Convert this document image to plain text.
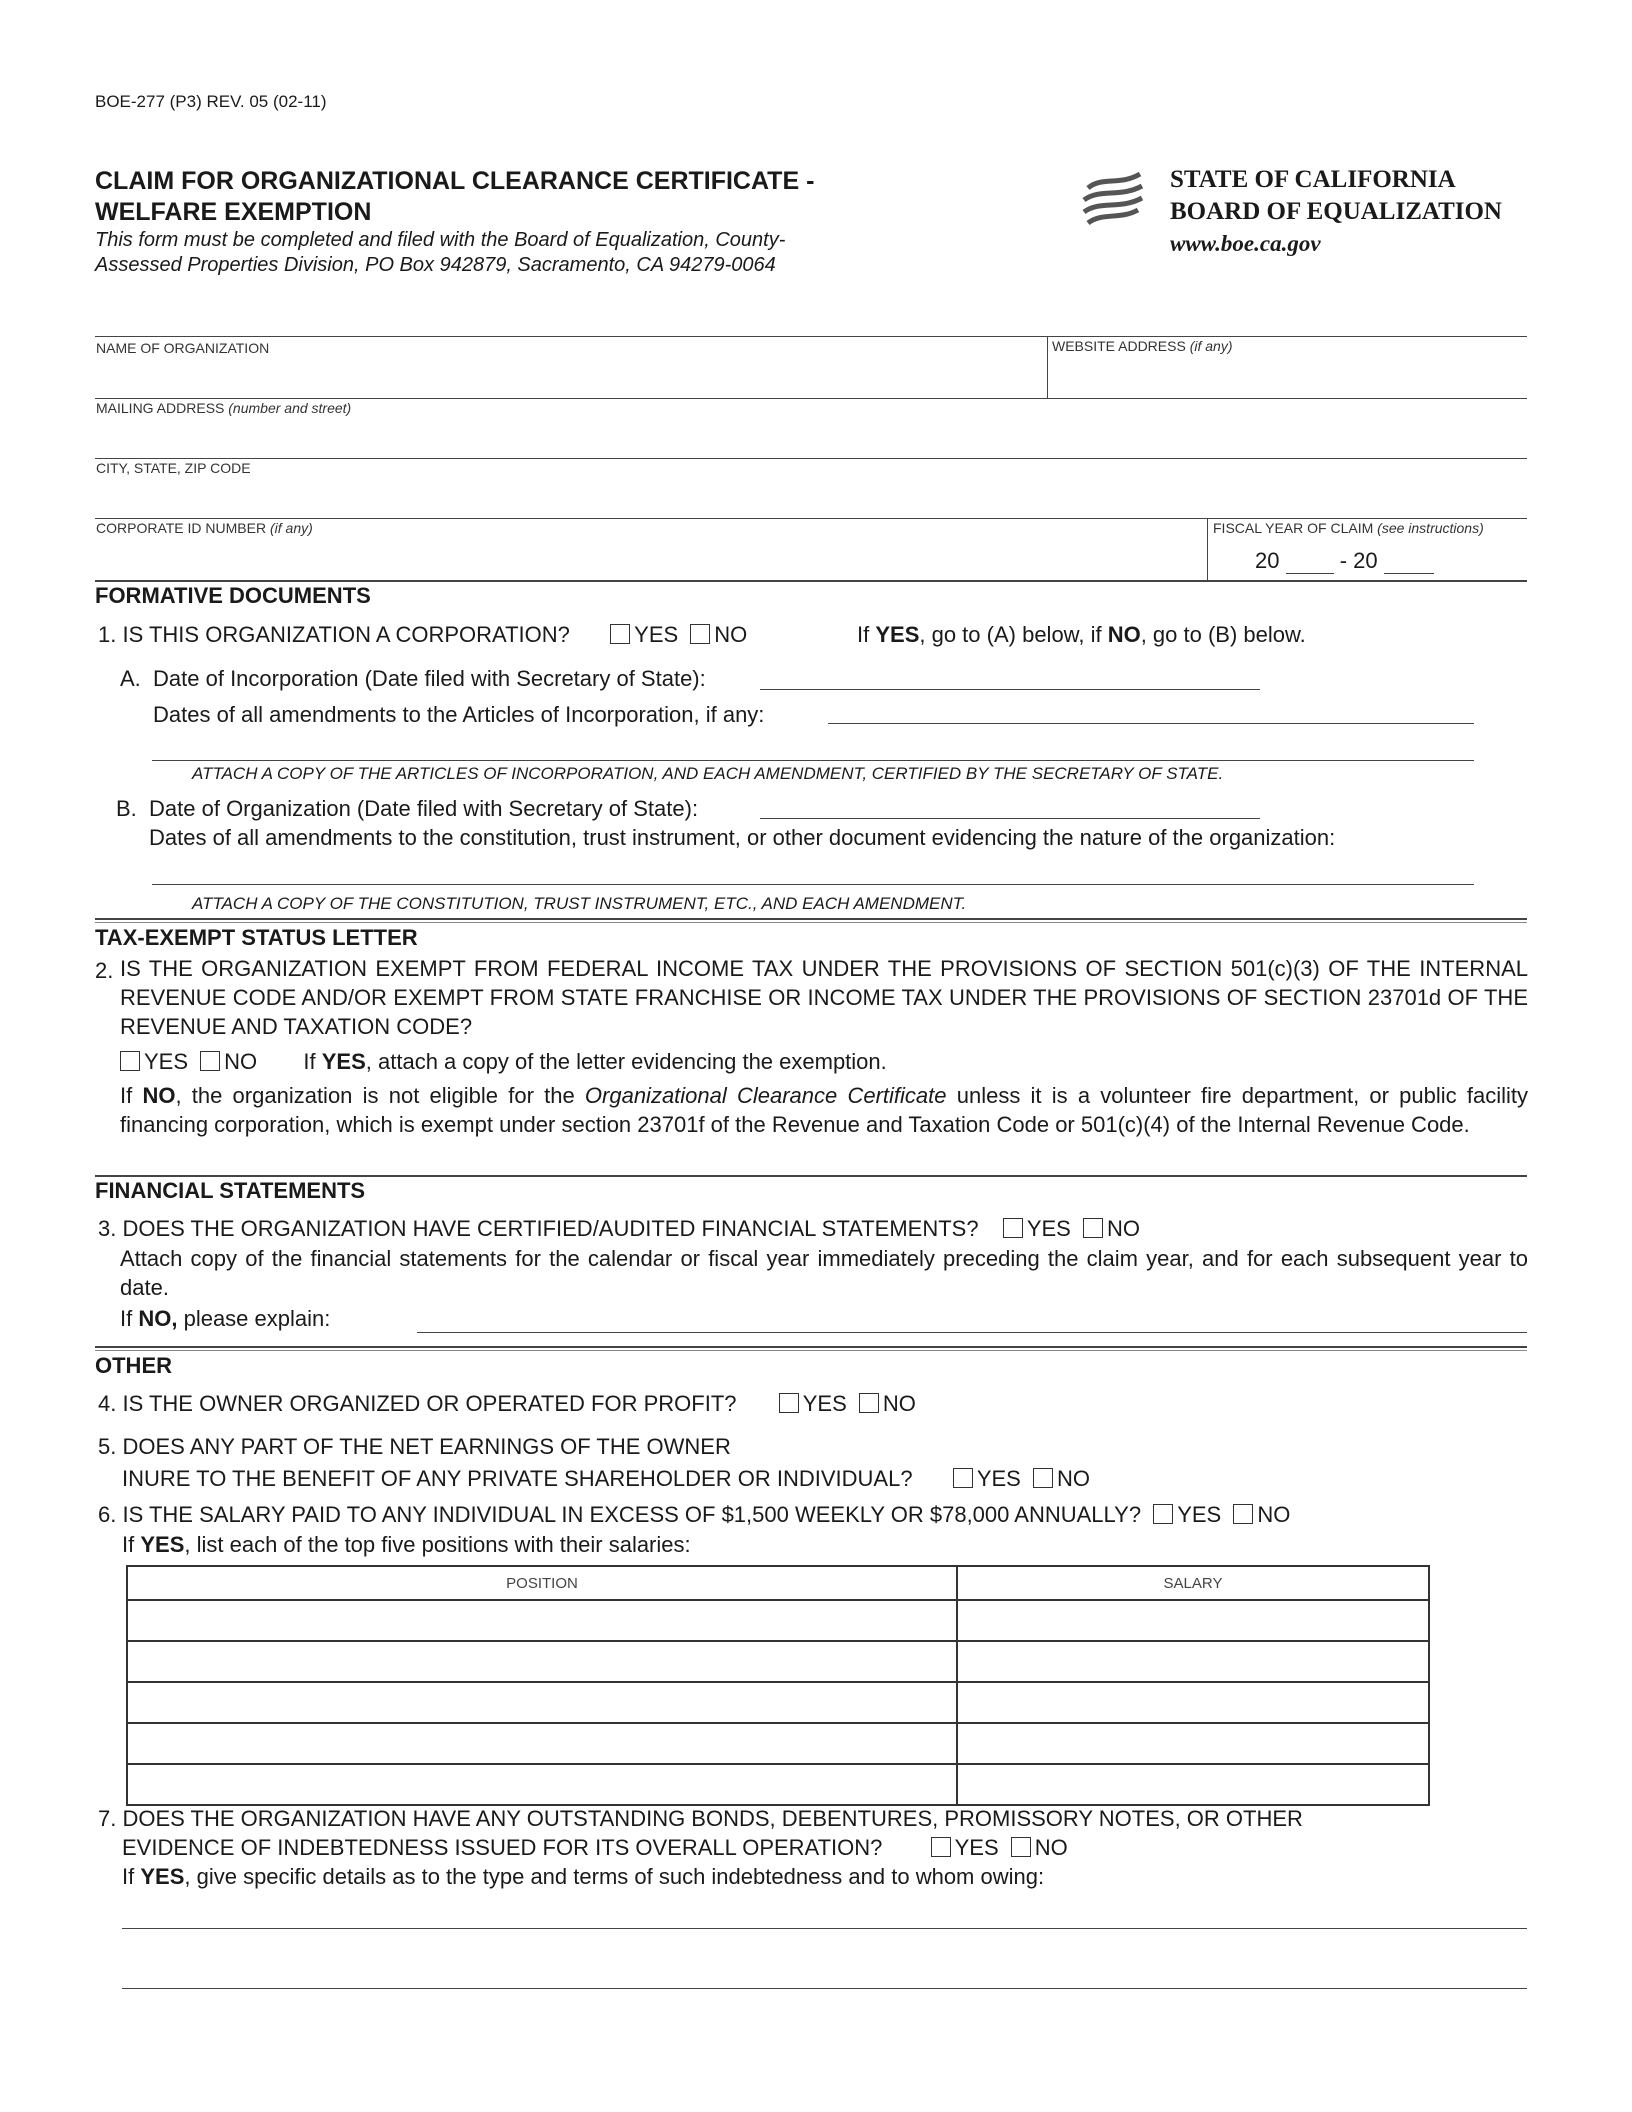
BOE-277 (P3) REV. 05 (02-11)
CLAIM FOR ORGANIZATIONAL CLEARANCE CERTIFICATE -
WELFARE EXEMPTION
This form must be completed and filed with the Board of Equalization, County-
Assessed Properties Division, PO Box 942879, Sacramento, CA 94279-0064
STATE OF CALIFORNIA
BOARD OF EQUALIZATION
www.boe.ca.gov
NAME OF ORGANIZATION	WEBSITE ADDRESS (if any)
MAILING ADDRESS (number and street)
CITY, STATE, ZIP CODE
CORPORATE ID NUMBER (if any)	FISCAL YEAR OF CLAIM (see instructions)
20	- 20
FORMATIVE DOCUMENTS
1. IS THIS ORGANIZATION A CORPORATION?	YES NO	If YES, go to (A) below, if NO, go to (B) below.
A. Date of Incorporation (Date filed with Secretary of State):
Dates of all amendments to the Articles of Incorporation, if any:
ATTACH A COPY OF THE ARTICLES OF INCORPORATION, AND EACH AMENDMENT, CERTIFIED BY THE SECRETARY OF STATE.
B. Date of Organization (Date filed with Secretary of State):
Dates of all amendments to the constitution, trust instrument, or other document evidencing the nature of the organization:
ATTACH A COPY OF THE CONSTITUTION, TRUST INSTRUMENT, ETC., AND EACH AMENDMENT.
TAX-EXEMPT STATUS LETTER
2. IS THE ORGANIZATION EXEMPT FROM FEDERAL INCOME TAX UNDER THE PROVISIONS OF SECTION 501(c)(3) OF THE INTERNAL REVENUE CODE AND/OR EXEMPT FROM STATE FRANCHISE OR INCOME TAX UNDER THE PROVISIONS OF SECTION 23701d OF THE REVENUE AND TAXATION CODE?
YES NO If YES, attach a copy of the letter evidencing the exemption.
If NO, the organization is not eligible for the Organizational Clearance Certificate unless it is a volunteer fire department, or public facility financing corporation, which is exempt under section 23701f of the Revenue and Taxation Code or 501(c)(4) of the Internal Revenue Code.
FINANCIAL STATEMENTS
3. DOES THE ORGANIZATION HAVE CERTIFIED/AUDITED FINANCIAL STATEMENTS? YES NO
Attach copy of the financial statements for the calendar or fiscal year immediately preceding the claim year, and for each subsequent year to date.
If NO, please explain:
OTHER
4. IS THE OWNER ORGANIZED OR OPERATED FOR PROFIT?	YES NO
5. DOES ANY PART OF THE NET EARNINGS OF THE OWNER
INURE TO THE BENEFIT OF ANY PRIVATE SHAREHOLDER OR INDIVIDUAL?	YES NO
6. IS THE SALARY PAID TO ANY INDIVIDUAL IN EXCESS OF $1,500 WEEKLY OR $78,000 ANNUALLY? YES NO
If YES, list each of the top five positions with their salaries:
POSITION	SALARY

7. DOES THE ORGANIZATION HAVE ANY OUTSTANDING BONDS, DEBENTURES, PROMISSORY NOTES, OR OTHER
EVIDENCE OF INDEBTEDNESS ISSUED FOR ITS OVERALL OPERATION?	YES NO
If YES, give specific details as to the type and terms of such indebtedness and to whom owing:
